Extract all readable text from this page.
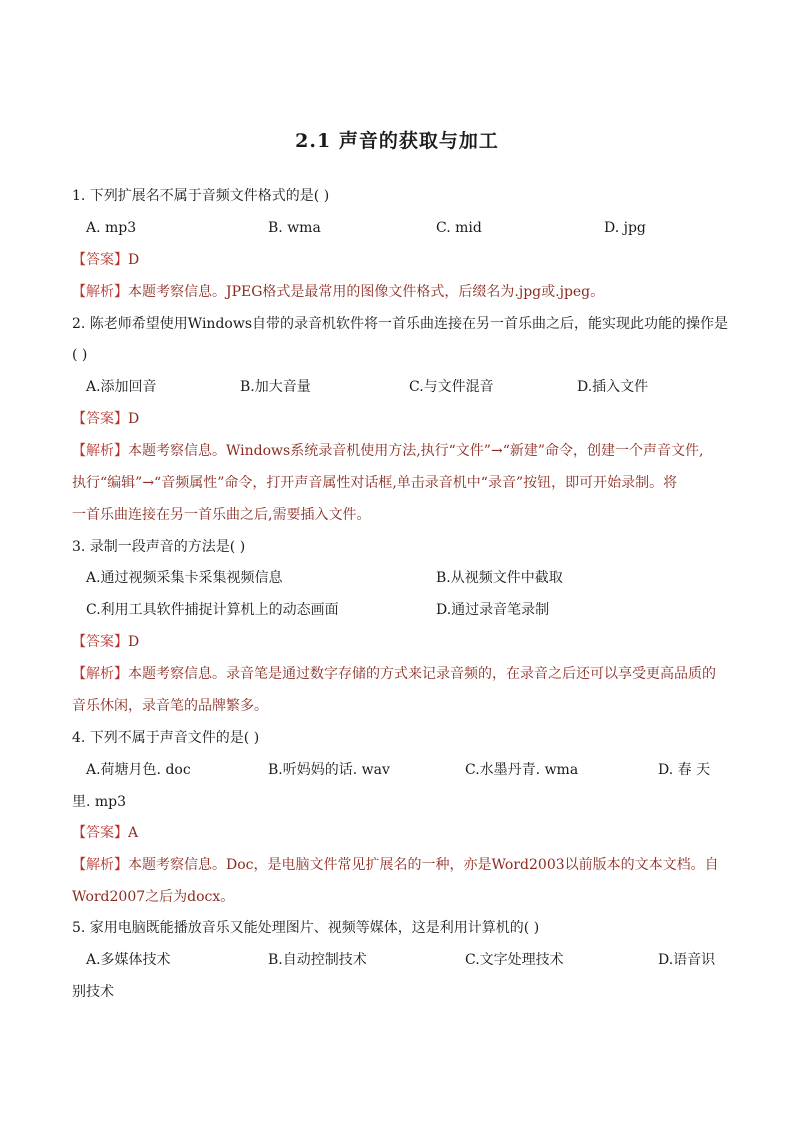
2.1 声音的获取与加工
1. 下列扩展名不属于音频文件格式的是( )
A. mp3	B. wma	C. mid	D. jpg
【答案】D
【解析】本题考察信息。JPEG格式是最常用的图像文件格式，后缀名为.jpg或.jpeg。
2. 陈老师希望使用Windows自带的录音机软件将一首乐曲连接在另一首乐曲之后，能实现此功能的操作是
( )
A.添加回音	B.加大音量	C.与文件混音	D.插入文件
【答案】D
【解析】本题考察信息。Windows系统录音机使用方法,执行“文件”→“新建”命令，创建一个声音文件,
执行“编辑”→“音频属性”命令，打开声音属性对话框,单击录音机中“录音”按钮，即可开始录制。将
一首乐曲连接在另一首乐曲之后,需要插入文件。
3. 录制一段声音的方法是( )
A.通过视频采集卡采集视频信息	B.从视频文件中截取
C.利用工具软件捕捉计算机上的动态画面	D.通过录音笔录制
【答案】D
【解析】本题考察信息。录音笔是通过数字存储的方式来记录音频的，在录音之后还可以享受更高品质的
音乐休闲，录音笔的品牌繁多。
4. 下列不属于声音文件的是( )
A.荷塘月色. doc	B.听妈妈的话. wav	C.水墨丹青. wma	D. 春 天
里. mp3
【答案】A
【解析】本题考察信息。Doc，是电脑文件常见扩展名的一种，亦是Word2003以前版本的文本文档。自
Word2007之后为docx。
5. 家用电脑既能播放音乐又能处理图片、视频等媒体，这是利用计算机的( )
A.多媒体技术	B.自动控制技术	C.文字处理技术	D.语音识
别技术
